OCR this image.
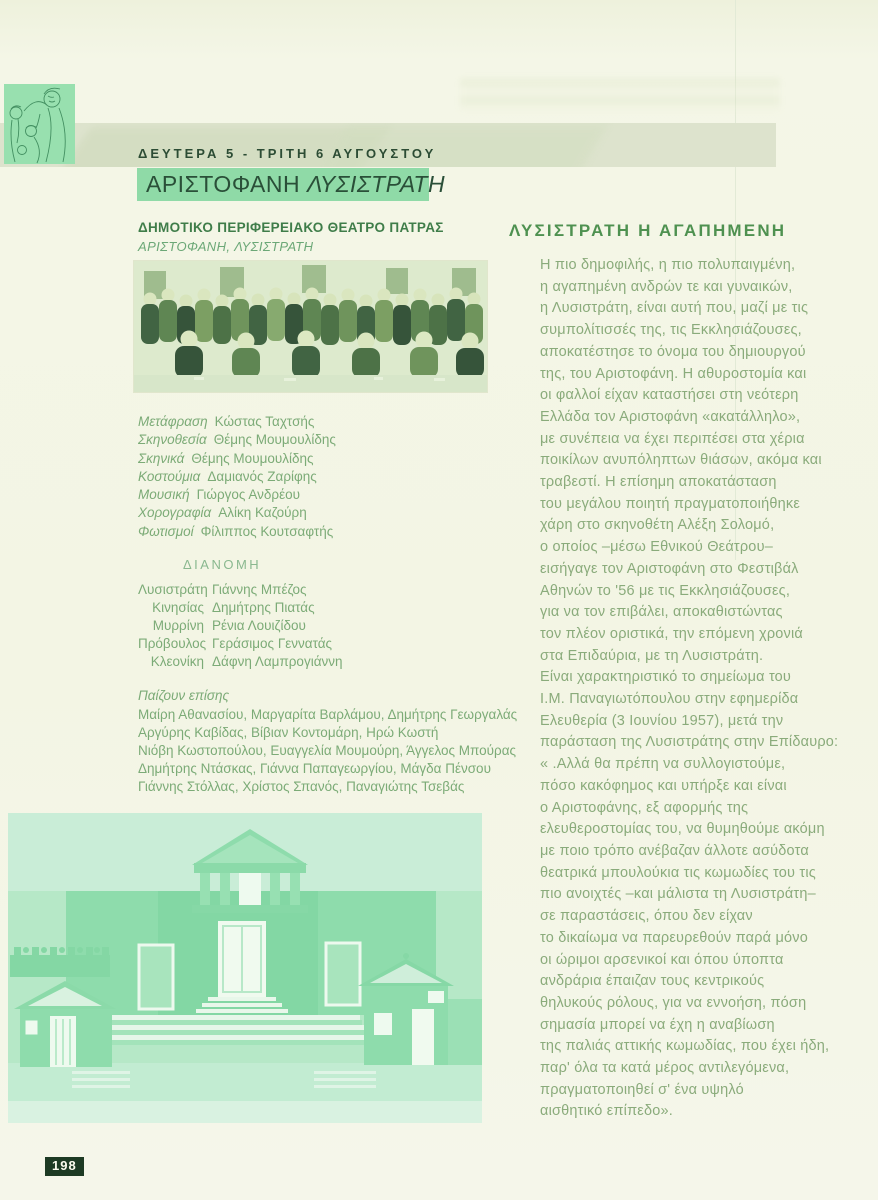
ΔΕΥΤΕΡΑ 5 - ΤΡΙΤΗ 6 ΑΥΓΟΥΣΤΟΥ
ΑΡΙΣΤΟΦΑΝΗ ΛΥΣΙΣΤΡΑΤΗ
ΔΗΜΟΤΙΚΟ ΠΕΡΙΦΕΡΕΙΑΚΟ ΘΕΑΤΡΟ ΠΑΤΡΑΣ
ΑΡΙΣΤΟΦΑΝΗ, ΛΥΣΙΣΤΡΑΤΗ
Μετάφραση Κώστας Ταχτσής
Σκηνοθεσία Θέμης Μουμουλίδης
Σκηνικά Θέμης Μουμουλίδης
Κοστούμια Δαμιανός Ζαρίφης
Μουσική Γιώργος Ανδρέου
Χορογραφία Αλίκη Καζούρη
Φωτισμοί Φίλιππος Κουτσαφτής
ΔΙΑΝΟΜΗ
Λυσιστράτη Γιάννης Μπέζος
Κινησίας Δημήτρης Πιατάς
Μυρρίνη Ρένια Λουιζίδου
Πρόβουλος Γεράσιμος Γεννατάς
Κλεονίκη Δάφνη Λαμπρογιάννη
Παίζουν επίσης
Μαίρη Αθανασίου, Μαργαρίτα Βαρλάμου, Δημήτρης Γεωργαλάς
Αργύρης Καβίδας, Βίβιαν Κοντομάρη, Ηρώ Κωστή
Νιόβη Κωστοπούλου, Ευαγγελία Μουμούρη, Άγγελος Μπούρας
Δημήτρης Ντάσκας, Γιάννα Παπαγεωργίου, Μάγδα Πένσου
Γιάννης Στόλλας, Χρίστος Σπανός, Παναγιώτης Τσεβάς
ΛΥΣΙΣΤΡΑΤΗ Η ΑΓΑΠΗΜΕΝΗ
Η πιο δημοφιλής, η πιο πολυπαιγμένη,
η αγαπημένη ανδρών τε και γυναικών,
η Λυσιστράτη, είναι αυτή που, μαζί με τις
συμπολίτισσές της, τις Εκκλησιάζουσες,
αποκατέστησε το όνομα του δημιουργού
της, του Αριστοφάνη. Η αθυροστομία και
οι φαλλοί είχαν καταστήσει στη νεότερη
Ελλάδα τον Αριστοφάνη «ακατάλληλο»,
με συνέπεια να έχει περιπέσει στα χέρια
ποικίλων ανυπόληπτων θιάσων, ακόμα και
τραβεστί. Η επίσημη αποκατάσταση
του μεγάλου ποιητή πραγματοποιήθηκε
χάρη στο σκηνοθέτη Αλέξη Σολομό,
ο οποίος –μέσω Εθνικού Θεάτρου–
εισήγαγε τον Αριστοφάνη στο Φεστιβάλ
Αθηνών το '56 με τις Εκκλησιάζουσες,
για να τον επιβάλει, αποκαθιστώντας
τον πλέον οριστικά, την επόμενη χρονιά
στα Επιδαύρια, με τη Λυσιστράτη.
Είναι χαρακτηριστικό το σημείωμα του
Ι.Μ. Παναγιωτόπουλου στην εφημερίδα
Ελευθερία (3 Ιουνίου 1957), μετά την
παράσταση της Λυσιστράτης στην Επίδαυρο:
« .Αλλά θα πρέπη να συλλογιστούμε,
πόσο κακόφημος και υπήρξε και είναι
ο Αριστοφάνης, εξ αφορμής της
ελευθεροστομίας του, να θυμηθούμε ακόμη
με ποιο τρόπο ανέβαζαν άλλοτε ασύδοτα
θεατρικά μπουλούκια τις κωμωδίες του τις
πιο ανοιχτές –και μάλιστα τη Λυσιστράτη–
σε παραστάσεις, όπου δεν είχαν
το δικαίωμα να παρευρεθούν παρά μόνο
οι ώριμοι αρσενικοί και όπου ύποπτα
ανδράρια έπαιζαν τους κεντρικούς
θηλυκούς ρόλους, για να εννοήση, πόση
σημασία μπορεί να έχη η αναβίωση
της παλιάς αττικής κωμωδίας, που έχει ήδη,
παρ' όλα τα κατά μέρος αντιλεγόμενα,
πραγματοποιηθεί σ' ένα υψηλό
αισθητικό επίπεδο».
198
